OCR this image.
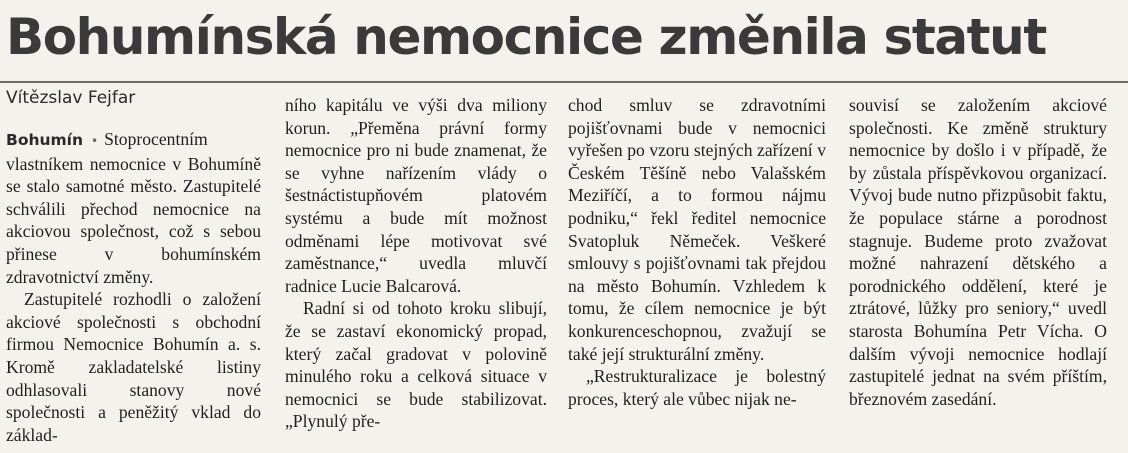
Bohumínská nemocnice změnila statut
Vítězslav Fejfar

Bohumín • Stoprocentním vlastníkem nemocnice v Bohumíně se stalo samotné město. Zastupitelé schválili přechod nemocnice na akciovou společnost, což s sebou přinese v bohumínském zdravotnictví změny.

Zastupitelé rozhodli o založení akciové společnosti s obchodní firmou Nemocnice Bohumín a. s. Kromě zakladatelské listiny odhlasovali stanovy nové společnosti a peněžitý vklad do základ-

ního kapitálu ve výši dva miliony korun. „Přeměna právní formy nemocnice pro ni bude znamenat, že se vyhne nařízením vlády o šestnáctistupňovém platovém systému a bude mít možnost odměnami lépe motivovat své zaměstnance,“ uvedla mluvčí radnice Lucie Balcarová.

Radní si od tohoto kroku slibují, že se zastaví ekonomický propad, který začal gradovat v polovině minulého roku a celková situace v nemocnici se bude stabilizovat. „Plynulý pře-

chod smluv se zdravotními pojišťovnami bude v nemocnici vyřešen po vzoru stejných zařízení v Českém Těšíně nebo Valašském Meziříčí, a to formou nájmu podniku,“ řekl ředitel nemocnice Svatopluk Němeček. Veškeré smlouvy s pojišťovnami tak přejdou na město Bohumín. Vzhledem k tomu, že cílem nemocnice je být konkurenceschopnou, zvažují se také její strukturální změny.

„Restrukturalizace je bolestný proces, který ale vůbec nijak ne-

souvisí se založením akciové společnosti. Ke změně struktury nemocnice by došlo i v případě, že by zůstala příspěvkovou organizací. Vývoj bude nutno přizpůsobit faktu, že populace stárne a porodnost stagnuje. Budeme proto zvažovat možné nahrazení dětského a porodnického oddělení, které je ztrátové, lůžky pro seniory,“ uvedl starosta Bohumína Petr Vícha. O dalším vývoji nemocnice hodlají zastupitelé jednat na svém příštím, březnovém zasedání.
